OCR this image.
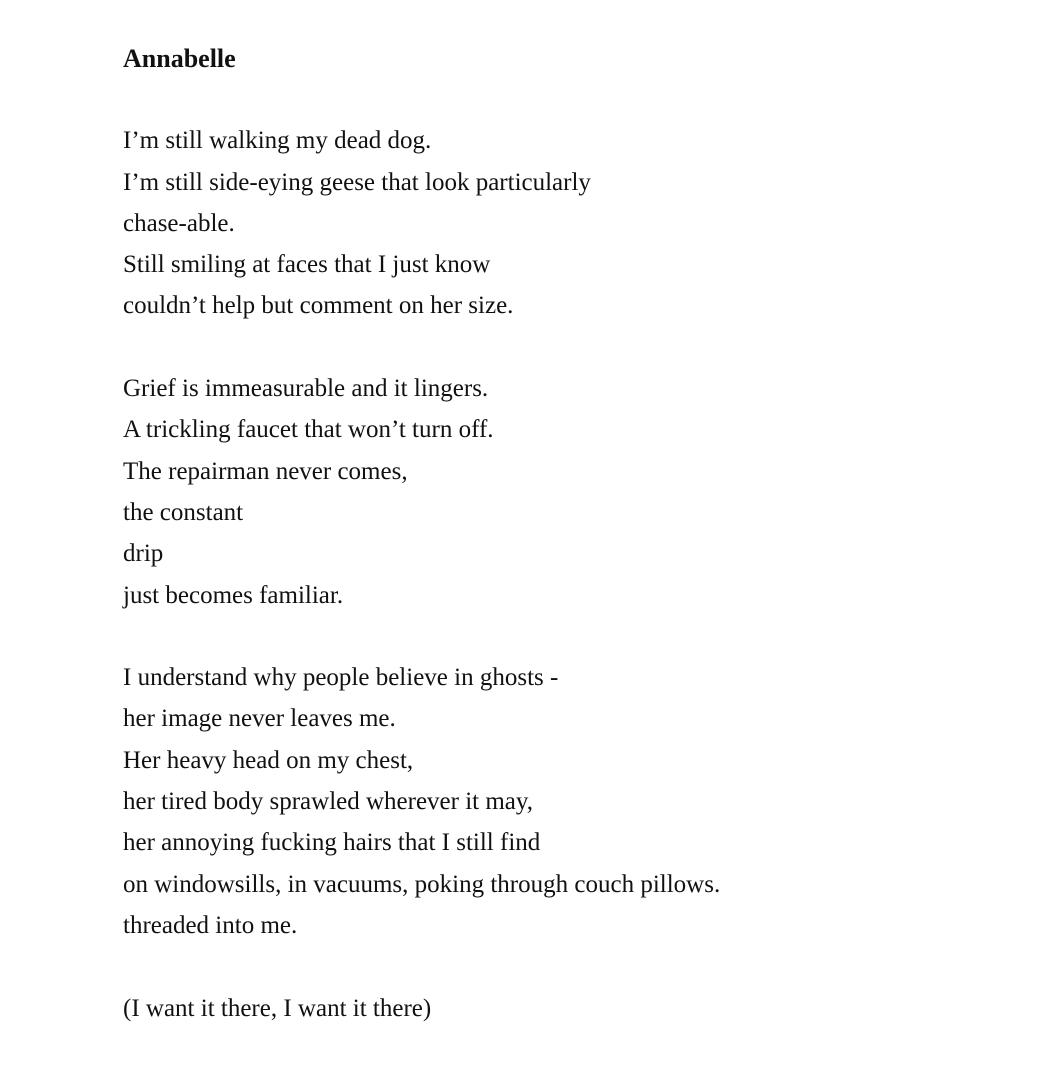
Annabelle

I’m still walking my dead dog.

I’m still side-eying geese that look particularly

chase-able.

Still smiling at faces that I just know

couldn’t help but comment on her size.

Grief is immeasurable and it lingers.

A trickling faucet that won’t turn off.

The repairman never comes,

the constant

drip

just becomes familiar.

I understand why people believe in ghosts -

her image never leaves me.

Her heavy head on my chest,

her tired body sprawled wherever it may,

her annoying fucking hairs that I still find

on windowsills, in vacuums, poking through couch pillows.

threaded into me.

(I want it there, I want it there)
